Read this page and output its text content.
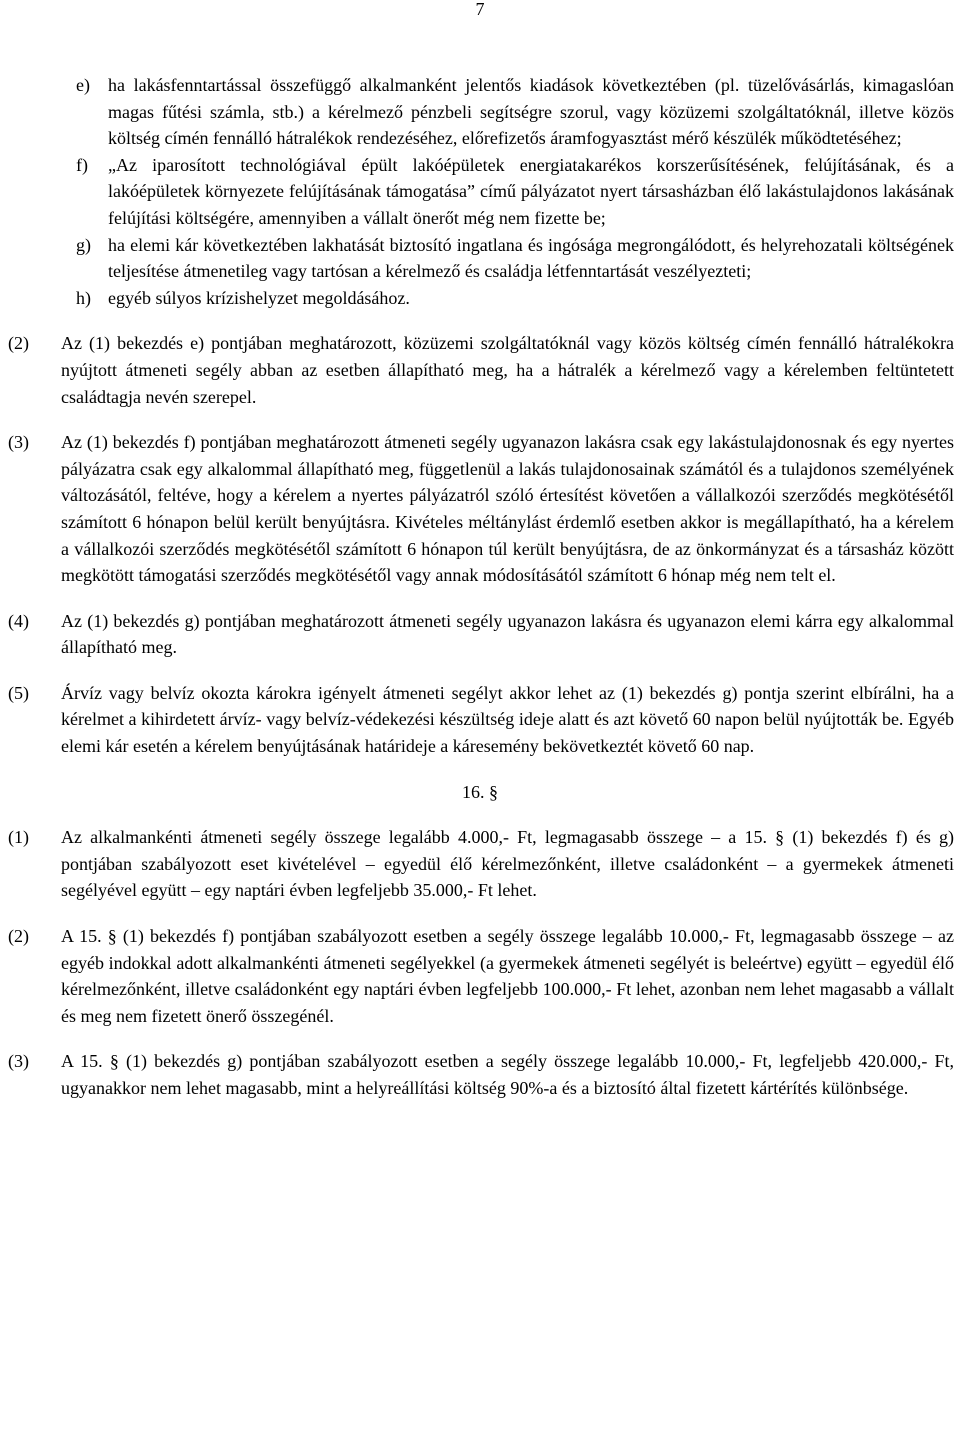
7
e)	ha lakásfenntartással összefüggő alkalmanként jelentős kiadások következtében (pl. tüzelővásárlás, kimagaslóan magas fűtési számla, stb.) a kérelmező pénzbeli segítségre szorul, vagy közüzemi szolgáltatóknál, illetve közös költség címén fennálló hátralékok rendezéséhez, előrefizetős áramfogyasztást mérő készülék működtetéséhez;
f)	„Az iparosított technológiával épült lakóépületek energiatakarékos korszerűsítésének, felújításának, és a lakóépületek környezete felújításának támogatása” című pályázatot nyert társasházban élő lakástulajdonos lakásának felújítási költségére, amennyiben a vállalt önerőt még nem fizette be;
g) ha elemi kár következtében lakhatását biztosító ingatlana és ingósága megrongálódott, és helyrehozatali költségének teljesítése átmenetileg vagy tartósan a kérelmező és családja létfenntartását veszélyezteti;
h) egyéb súlyos krízishelyzet megoldásához.
(2) Az (1) bekezdés e) pontjában meghatározott, közüzemi szolgáltatóknál vagy közös költség címén fennálló hátralékokra nyújtott átmeneti segély abban az esetben állapítható meg, ha a hátralék a kérelmező vagy a kérelemben feltüntetett családtagja nevén szerepel.
(3) Az (1) bekezdés f) pontjában meghatározott átmeneti segély ugyanazon lakásra csak egy lakástulajdonosnak és egy nyertes pályázatra csak egy alkalommal állapítható meg, függetlenül a lakás tulajdonosainak számától és a tulajdonos személyének változásától, feltéve, hogy a kérelem a nyertes pályázatról szóló értesítést követően a vállalkozói szerződés megkötésétől számított 6 hónapon belül került benyújtásra. Kivételes méltánylást érdemlő esetben akkor is megállapítható, ha a kérelem a vállalkozói szerződés megkötésétől számított 6 hónapon túl került benyújtásra, de az önkormányzat és a társasház között megkötött támogatási szerződés megkötésétől vagy annak módosításától számított 6 hónap még nem telt el.
(4) Az (1) bekezdés g) pontjában meghatározott átmeneti segély ugyanazon lakásra és ugyanazon elemi kárra egy alkalommal állapítható meg.
(5) Árvíz vagy belvíz okozta károkra igényelt átmeneti segélyt akkor lehet az (1) bekezdés g) pontja szerint elbírálni, ha a kérelmet a kihirdetett árvíz- vagy belvíz-védekezési készültség ideje alatt és azt követő 60 napon belül nyújtották be. Egyéb elemi kár esetén a kérelem benyújtásának határideje a káresemény bekövetkeztét követő 60 nap.
16. §
(1) Az alkalmankénti átmeneti segély összege legalább 4.000,- Ft, legmagasabb összege – a 15. § (1) bekezdés f) és g) pontjában szabályozott eset kivételével – egyedül élő kérelmezőnként, illetve családonként – a gyermekek átmeneti segélyével együtt – egy naptári évben legfeljebb 35.000,- Ft lehet.
(2) A 15. § (1) bekezdés f) pontjában szabályozott esetben a segély összege legalább 10.000,- Ft, legmagasabb összege – az egyéb indokkal adott alkalmankénti átmeneti segélyekkel (a gyermekek átmeneti segélyét is beleértve) együtt – egyedül élő kérelmezőnként, illetve családonként egy naptári évben legfeljebb 100.000,- Ft lehet, azonban nem lehet magasabb a vállalt és meg nem fizetett önerő összegénél.
(3) A 15. § (1) bekezdés g) pontjában szabályozott esetben a segély összege legalább 10.000,- Ft, legfeljebb 420.000,- Ft, ugyanakkor nem lehet magasabb, mint a helyreállítási költség 90%-a és a biztosító által fizetett kártérítés különbsége.
